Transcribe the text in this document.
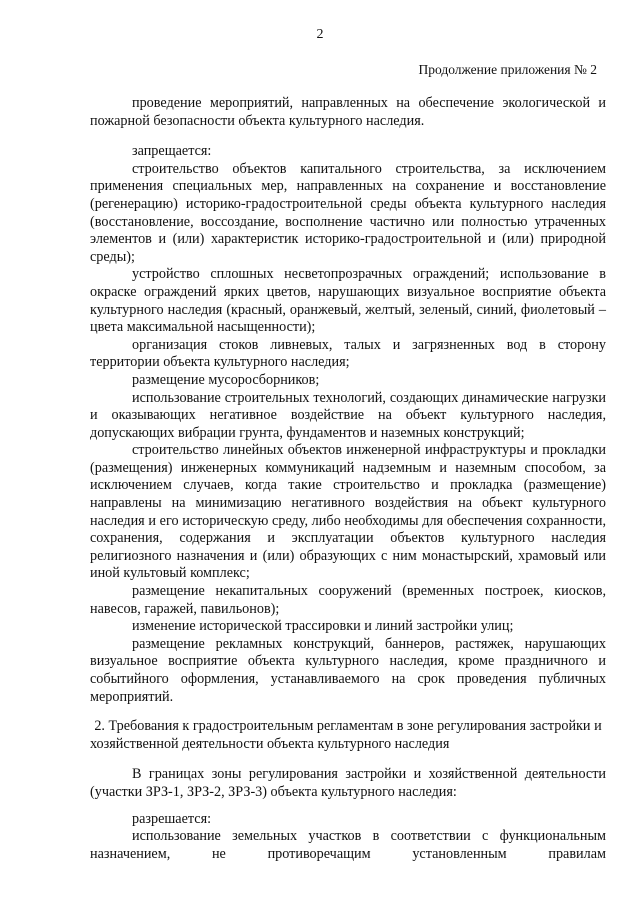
2
Продолжение приложения № 2

проведение мероприятий, направленных на обеспечение экологической и пожарной безопасности объекта культурного наследия.

запрещается:

строительство объектов капитального строительства, за исключением применения специальных мер, направленных на сохранение и восстановление (регенерацию) историко-градостроительной среды объекта культурного наследия (восстановление, воссоздание, восполнение частично или полностью утраченных элементов и (или) характеристик историко-градостроительной и (или) природной среды);

устройство сплошных несветопрозрачных ограждений; использование в окраске ограждений ярких цветов, нарушающих визуальное восприятие объекта культурного наследия (красный, оранжевый, желтый, зеленый, синий, фиолетовый – цвета максимальной насыщенности);

организация стоков ливневых, талых и загрязненных вод в сторону территории объекта культурного наследия;

размещение мусоросборников;

использование строительных технологий, создающих динамические нагрузки и оказывающих негативное воздействие на объект культурного наследия, допускающих вибрации грунта, фундаментов и наземных конструкций;

строительство линейных объектов инженерной инфраструктуры и прокладки (размещения) инженерных коммуникаций надземным и наземным способом, за исключением случаев, когда такие строительство и прокладка (размещение) направлены на минимизацию негативного воздействия на объект культурного наследия и его историческую среду, либо необходимы для обеспечения сохранности, сохранения, содержания и эксплуатации объектов культурного наследия религиозного назначения и (или) образующих с ним монастырский, храмовый или иной культовый комплекс;

размещение некапитальных сооружений (временных построек, киосков, навесов, гаражей, павильонов);

изменение исторической трассировки и линий застройки улиц;

размещение рекламных конструкций, баннеров, растяжек, нарушающих визуальное восприятие объекта культурного наследия, кроме праздничного и событийного оформления, устанавливаемого на срок проведения публичных мероприятий.

2. Требования к градостроительным регламентам в зоне регулирования застройки и хозяйственной деятельности объекта культурного наследия

В границах зоны регулирования застройки и хозяйственной деятельности (участки ЗРЗ-1, ЗРЗ-2, ЗРЗ-3) объекта культурного наследия:

разрешается:

использование земельных участков в соответствии с функциональным назначением, не противоречащим установленным правилам
